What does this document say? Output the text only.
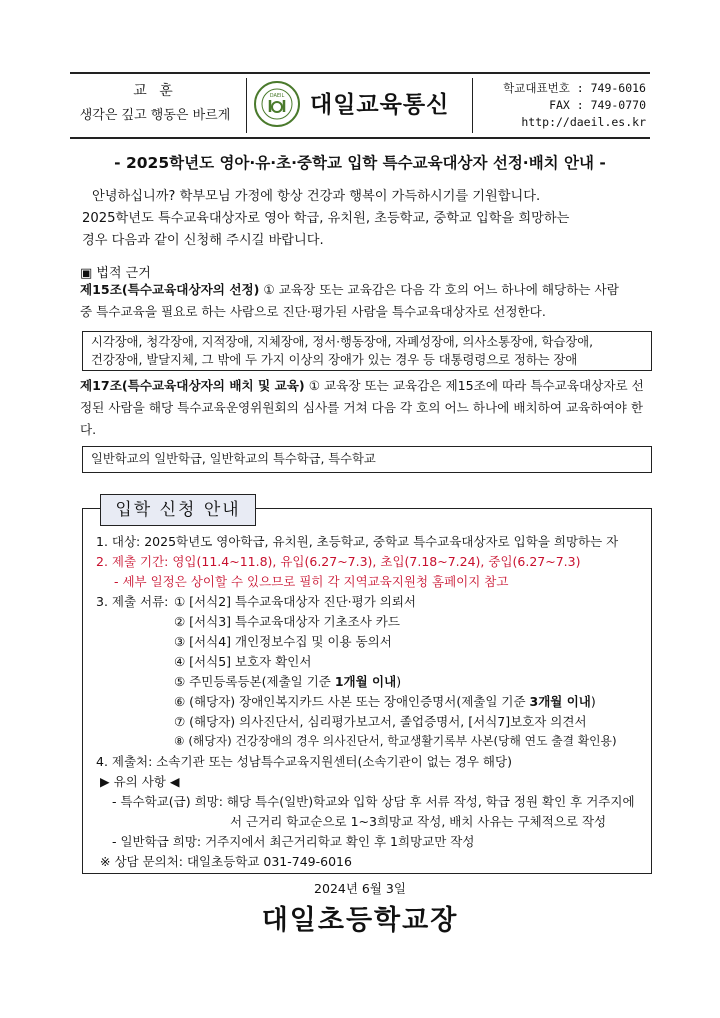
교 훈
생각은 깊고 행동은 바르게
DAEIL 대일교육통신
학교대표번호 : 749-6016
FAX : 749-0770
http://daeil.es.kr
- 2025학년도 영아·유·초·중학교 입학 특수교육대상자 선정·배치 안내 -

안녕하십니까? 학부모님 가정에 항상 건강과 행복이 가득하시기를 기원합니다.

2025학년도 특수교육대상자로 영아 학급, 유치원, 초등학교, 중학교 입학을 희망하는

경우 다음과 같이 신청해 주시길 바랍니다.

▣ 법적 근거
제15조(특수교육대상자의 선정) ① 교육장 또는 교육감은 다음 각 호의 어느 하나에 해당하는 사람
중 특수교육을 필요로 하는 사람으로 진단·평가된 사람을 특수교육대상자로 선정한다.
시각장애, 청각장애, 지적장애, 지체장애, 정서·행동장애, 자폐성장애, 의사소통장애, 학습장애,
건강장애, 발달지체, 그 밖에 두 가지 이상의 장애가 있는 경우 등 대통령령으로 정하는 장애
제17조(특수교육대상자의 배치 및 교육) ① 교육장 또는 교육감은 제15조에 따라 특수교육대상자로 선
정된 사람을 해당 특수교육운영위원회의 심사를 거쳐 다음 각 호의 어느 하나에 배치하여 교육하여야 한
다.
일반학교의 일반학급, 일반학교의 특수학급, 특수학교
입학 신청 안내
1. 대상: 2025학년도 영아학급, 유치원, 초등학교, 중학교 특수교육대상자로 입학을 희망하는 자
2. 제출 기간: 영입(11.4~11.8), 유입(6.27~7.3), 초입(7.18~7.24), 중입(6.27~7.3)
- 세부 일정은 상이할 수 있으므로 필히 각 지역교육지원청 홈페이지 참고
3. 제출 서류: ① [서식2] 특수교육대상자 진단·평가 의뢰서
② [서식3] 특수교육대상자 기초조사 카드
③ [서식4] 개인정보수집 및 이용 동의서
④ [서식5] 보호자 확인서
⑤ 주민등록등본(제출일 기준 1개월 이내)
⑥ (해당자) 장애인복지카드 사본 또는 장애인증명서(제출일 기준 3개월 이내)
⑦ (해당자) 의사진단서, 심리평가보고서, 졸업증명서, [서식7]보호자 의견서
⑧ (해당자) 건강장애의 경우 의사진단서, 학교생활기록부 사본(당해 연도 출결 확인용)
4. 제출처: 소속기관 또는 성남특수교육지원센터(소속기관이 없는 경우 해당)
▶ 유의 사항 ◀
- 특수학교(급) 희망: 해당 특수(일반)학교와 입학 상담 후 서류 작성, 학급 정원 확인 후 거주지에
서 근거리 학교순으로 1~3희망교 작성, 배치 사유는 구체적으로 작성
- 일반학급 희망: 거주지에서 최근거리학교 확인 후 1희망교만 작성
※ 상담 문의처: 대일초등학교 031-749-6016
2024년 6월 3일
대일초등학교장
